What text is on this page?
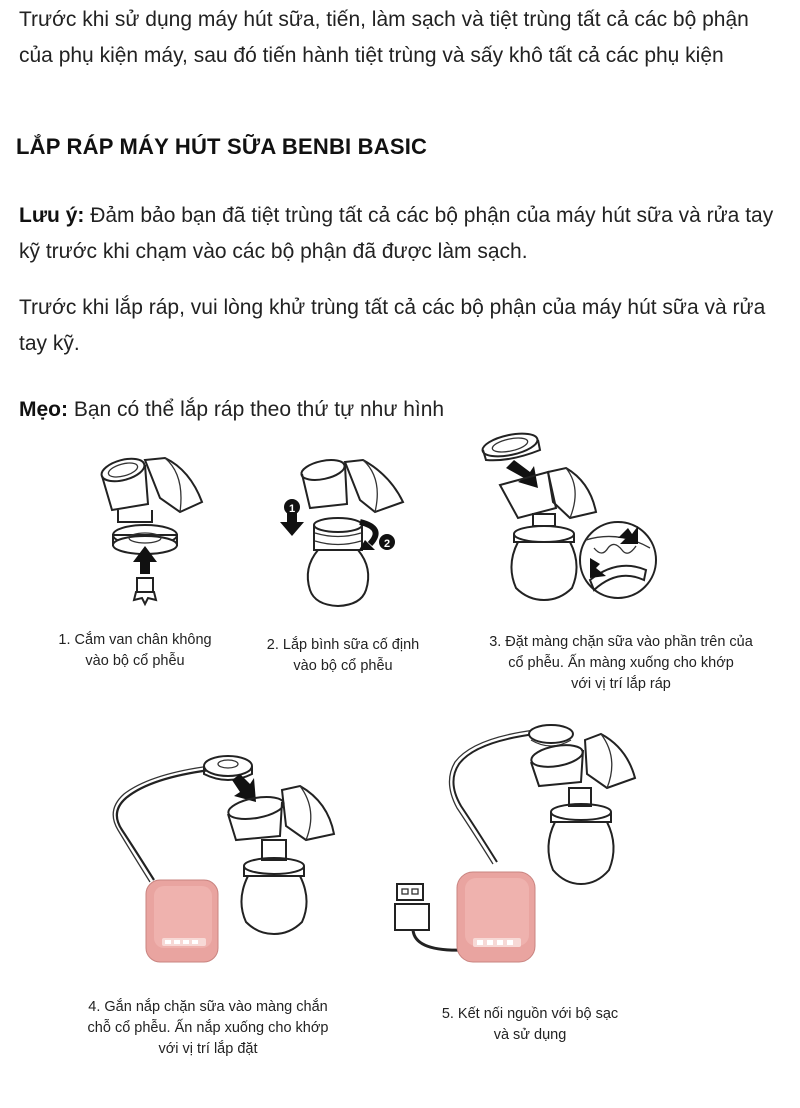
Trước khi sử dụng máy hút sữa, tiến, làm sạch và tiệt trùng tất cả các bộ phận của phụ kiện máy, sau đó tiến hành tiệt trùng và sấy khô tất cả các phụ kiện
LẮP RÁP MÁY HÚT SỮA BENBI BASIC
Lưu ý: Đảm bảo bạn đã tiệt trùng tất cả các bộ phận của máy hút sữa và rửa tay kỹ trước khi chạm vào các bộ phận đã được làm sạch.
Trước khi lắp ráp, vui lòng khử trùng tất cả các bộ phận của máy hút sữa và rửa tay kỹ.
Mẹo: Bạn có thể lắp ráp theo thứ tự như hình
1
2
1. Cắm van chân không
vào bộ cổ phễu
2. Lắp bình sữa cố định
vào bộ cổ phễu
3. Đặt màng chặn sữa vào phần trên của
cổ phễu. Ấn màng xuống cho khớp
với vị trí lắp ráp
4. Gắn nắp chặn sữa vào màng chắn
chỗ cổ phễu. Ấn nắp xuống cho khớp
với vị trí lắp đặt
5. Kết nối nguồn với bộ sạc
và sử dụng
